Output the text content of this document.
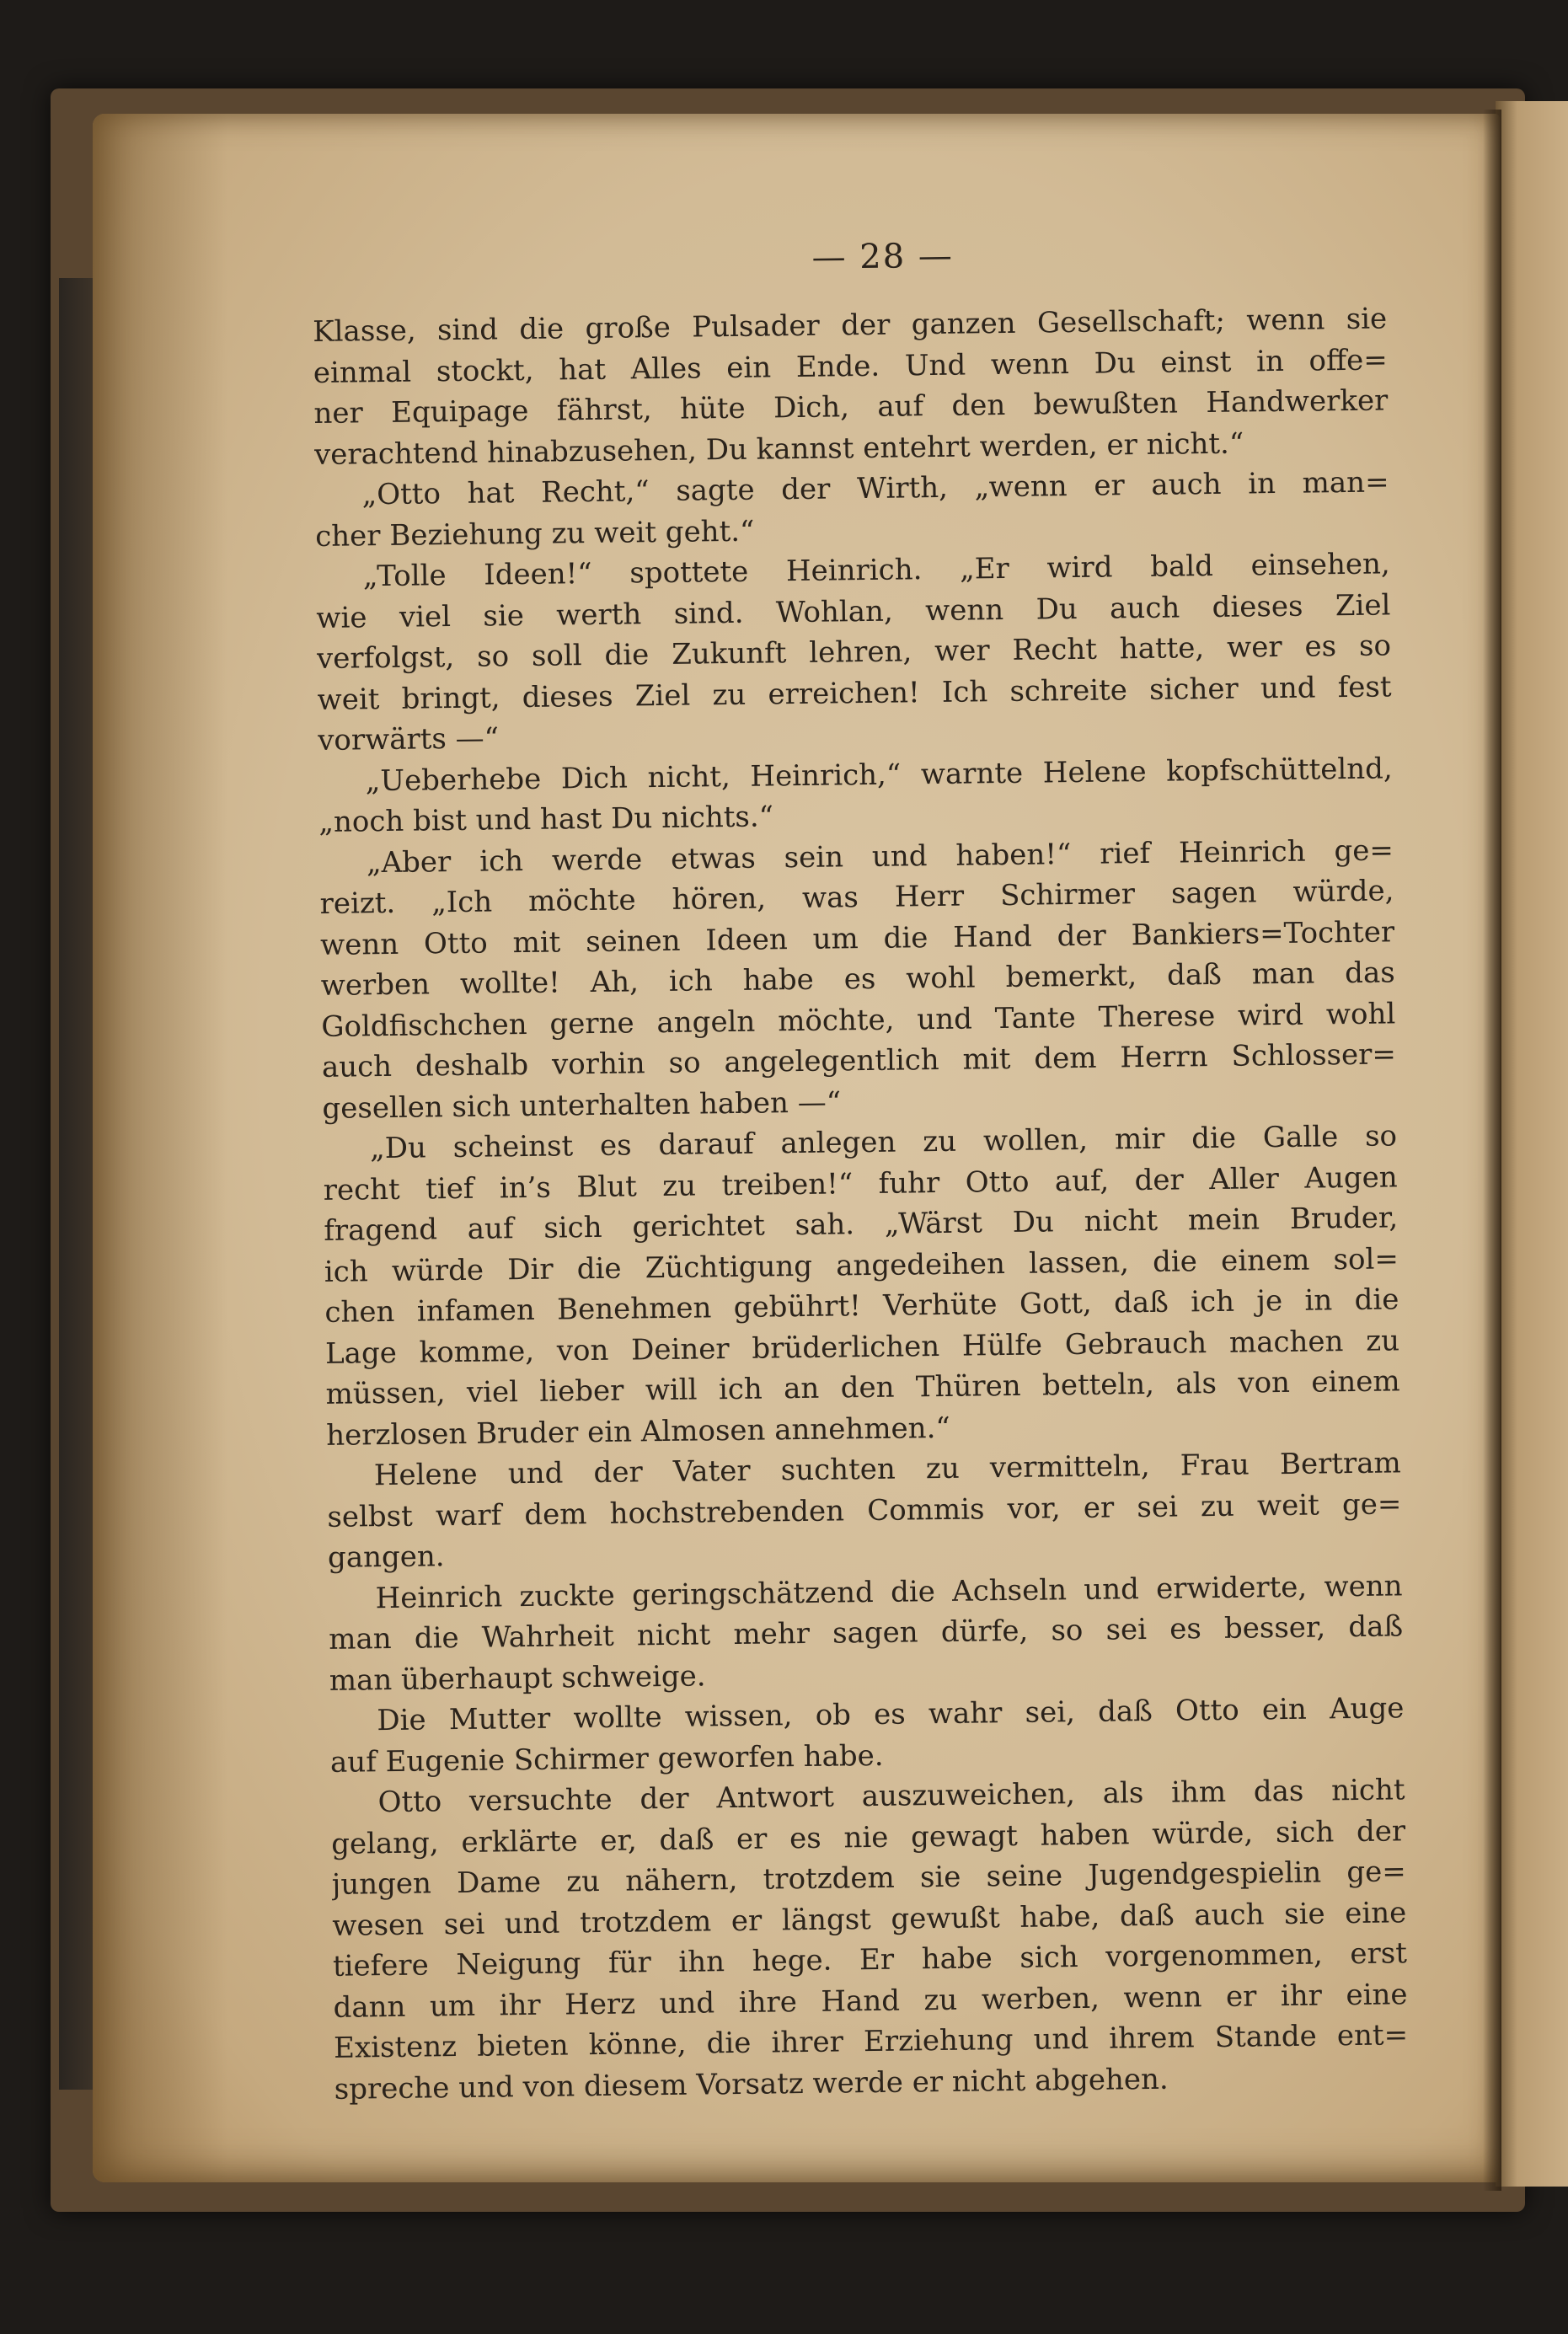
— 28 —
Klasse, sind die große Pulsader der ganzen Gesellschaft; wenn sie
einmal stockt, hat Alles ein Ende. Und wenn Du einst in offe=
ner Equipage fährst, hüte Dich, auf den bewußten Handwerker
verachtend hinabzusehen, Du kannst entehrt werden, er nicht.“
„Otto hat Recht,“ sagte der Wirth, „wenn er auch in man=
cher Beziehung zu weit geht.“
„Tolle Ideen!“ spottete Heinrich. „Er wird bald einsehen,
wie viel sie werth sind. Wohlan, wenn Du auch dieses Ziel
verfolgst, so soll die Zukunft lehren, wer Recht hatte, wer es so
weit bringt, dieses Ziel zu erreichen! Ich schreite sicher und fest
vorwärts —“
„Ueberhebe Dich nicht, Heinrich,“ warnte Helene kopfschüttelnd,
„noch bist und hast Du nichts.“
„Aber ich werde etwas sein und haben!“ rief Heinrich ge=
reizt. „Ich möchte hören, was Herr Schirmer sagen würde,
wenn Otto mit seinen Ideen um die Hand der Bankiers=Tochter
werben wollte! Ah, ich habe es wohl bemerkt, daß man das
Goldfischchen gerne angeln möchte, und Tante Therese wird wohl
auch deshalb vorhin so angelegentlich mit dem Herrn Schlosser=
gesellen sich unterhalten haben —“
„Du scheinst es darauf anlegen zu wollen, mir die Galle so
recht tief in’s Blut zu treiben!“ fuhr Otto auf, der Aller Augen
fragend auf sich gerichtet sah. „Wärst Du nicht mein Bruder,
ich würde Dir die Züchtigung angedeihen lassen, die einem sol=
chen infamen Benehmen gebührt! Verhüte Gott, daß ich je in die
Lage komme, von Deiner brüderlichen Hülfe Gebrauch machen zu
müssen, viel lieber will ich an den Thüren betteln, als von einem
herzlosen Bruder ein Almosen annehmen.“
Helene und der Vater suchten zu vermitteln, Frau Bertram
selbst warf dem hochstrebenden Commis vor, er sei zu weit ge=
gangen.
Heinrich zuckte geringschätzend die Achseln und erwiderte, wenn
man die Wahrheit nicht mehr sagen dürfe, so sei es besser, daß
man überhaupt schweige.
Die Mutter wollte wissen, ob es wahr sei, daß Otto ein Auge
auf Eugenie Schirmer geworfen habe.
Otto versuchte der Antwort auszuweichen, als ihm das nicht
gelang, erklärte er, daß er es nie gewagt haben würde, sich der
jungen Dame zu nähern, trotzdem sie seine Jugendgespielin ge=
wesen sei und trotzdem er längst gewußt habe, daß auch sie eine
tiefere Neigung für ihn hege. Er habe sich vorgenommen, erst
dann um ihr Herz und ihre Hand zu werben, wenn er ihr eine
Existenz bieten könne, die ihrer Erziehung und ihrem Stande ent=
spreche und von diesem Vorsatz werde er nicht abgehen.
